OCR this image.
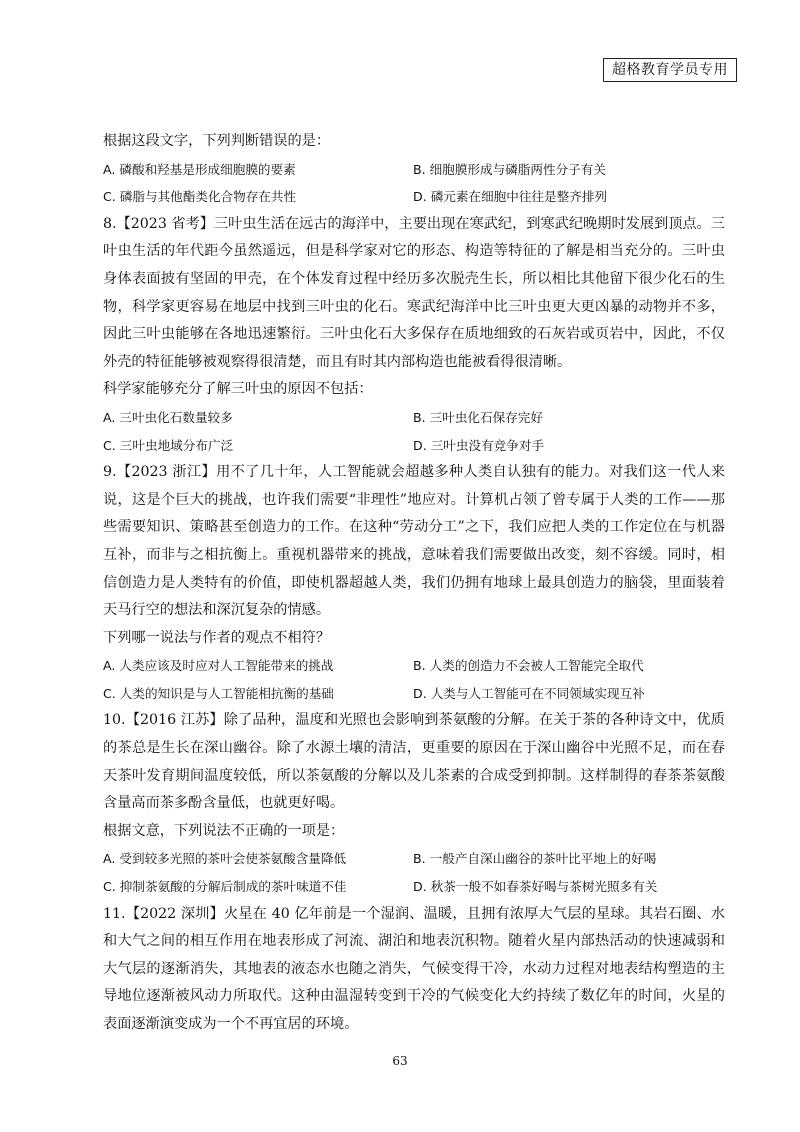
超格教育学员专用

根据这段文字，下列判断错误的是：

A. 磷酸和羟基是形成细胞膜的要素	B. 细胞膜形成与磷脂两性分子有关
C. 磷脂与其他酯类化合物存在共性	D. 磷元素在细胞中往往是整齐排列

8.【2023 省考】三叶虫生活在远古的海洋中，主要出现在寒武纪，到寒武纪晚期时发展到顶点。三叶虫生活的年代距今虽然遥远，但是科学家对它的形态、构造等特征的了解是相当充分的。三叶虫身体表面披有坚固的甲壳，在个体发育过程中经历多次脱壳生长，所以相比其他留下很少化石的生物，科学家更容易在地层中找到三叶虫的化石。寒武纪海洋中比三叶虫更大更凶暴的动物并不多，因此三叶虫能够在各地迅速繁衍。三叶虫化石大多保存在质地细致的石灰岩或页岩中，因此，不仅外壳的特征能够被观察得很清楚，而且有时其内部构造也能被看得很清晰。

科学家能够充分了解三叶虫的原因不包括：

A. 三叶虫化石数量较多	B. 三叶虫化石保存完好
C. 三叶虫地域分布广泛	D. 三叶虫没有竞争对手

9.【2023 浙江】用不了几十年，人工智能就会超越多种人类自认独有的能力。对我们这一代人来说，这是个巨大的挑战，也许我们需要“非理性”地应对。计算机占领了曾专属于人类的工作——那些需要知识、策略甚至创造力的工作。在这种“劳动分工”之下，我们应把人类的工作定位在与机器互补，而非与之相抗衡上。重视机器带来的挑战，意味着我们需要做出改变，刻不容缓。同时，相信创造力是人类特有的价值，即使机器超越人类，我们仍拥有地球上最具创造力的脑袋，里面装着天马行空的想法和深沉复杂的情感。

下列哪一说法与作者的观点不相符？

A. 人类应该及时应对人工智能带来的挑战	B. 人类的创造力不会被人工智能完全取代
C. 人类的知识是与人工智能相抗衡的基础	D. 人类与人工智能可在不同领域实现互补

10.【2016 江苏】除了品种，温度和光照也会影响到茶氨酸的分解。在关于茶的各种诗文中，优质的茶总是生长在深山幽谷。除了水源土壤的清洁，更重要的原因在于深山幽谷中光照不足，而在春天茶叶发育期间温度较低，所以茶氨酸的分解以及儿茶素的合成受到抑制。这样制得的春茶茶氨酸含量高而茶多酚含量低，也就更好喝。

根据文意，下列说法不正确的一项是：

A. 受到较多光照的茶叶会使茶氨酸含量降低	B. 一般产自深山幽谷的茶叶比平地上的好喝
C. 抑制茶氨酸的分解后制成的茶叶味道不佳	D. 秋茶一般不如春茶好喝与茶树光照多有关

11.【2022 深圳】火星在 40 亿年前是一个湿润、温暖，且拥有浓厚大气层的星球。其岩石圈、水和大气之间的相互作用在地表形成了河流、湖泊和地表沉积物。随着火星内部热活动的快速减弱和大气层的逐渐消失，其地表的液态水也随之消失，气候变得干冷，水动力过程对地表结构塑造的主导地位逐渐被风动力所取代。这种由温湿转变到干冷的气候变化大约持续了数亿年的时间，火星的表面逐渐演变成为一个不再宜居的环境。

63
